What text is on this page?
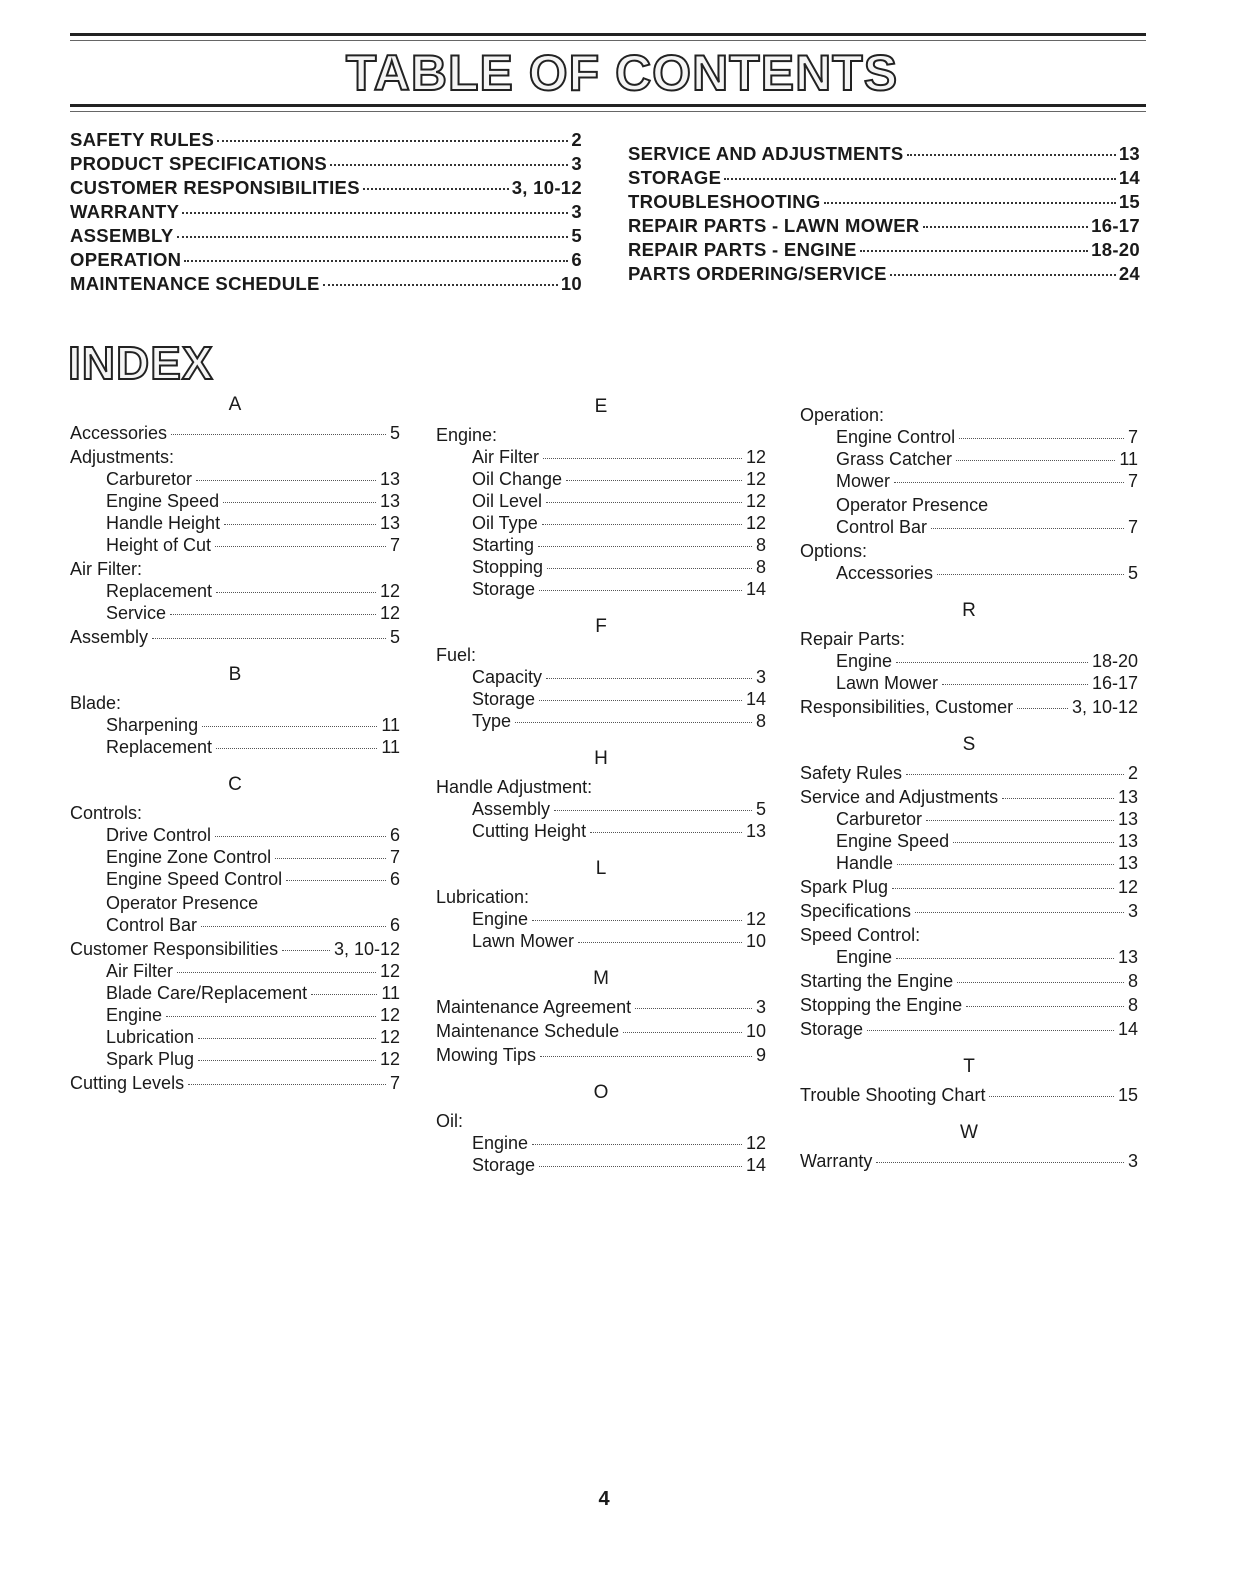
TABLE OF CONTENTS
SAFETY RULES	2
PRODUCT SPECIFICATIONS	3
CUSTOMER RESPONSIBILITIES	3, 10-12
WARRANTY	3
ASSEMBLY	5
OPERATION	6
MAINTENANCE SCHEDULE	10
SERVICE AND ADJUSTMENTS	13
STORAGE	14
TROUBLESHOOTING	15
REPAIR PARTS - LAWN MOWER	16-17
REPAIR PARTS - ENGINE	18-20
PARTS ORDERING/SERVICE	24
INDEX
A
Accessories	5
Adjustments:
Carburetor	13
Engine Speed	13
Handle Height	13
Height of Cut	7
Air Filter:
Replacement	12
Service	12
Assembly	5
B
Blade:
Sharpening	11
Replacement	11
C
Controls:
Drive Control	6
Engine Zone Control	7
Engine Speed Control	6
Operator Presence
Control Bar	6
Customer Responsibilities	3, 10-12
Air Filter	12
Blade Care/Replacement	11
Engine	12
Lubrication	12
Spark Plug	12
Cutting Levels	7
E
Engine:
Air Filter	12
Oil Change	12
Oil Level	12
Oil Type	12
Starting	8
Stopping	8
Storage	14
F
Fuel:
Capacity	3
Storage	14
Type	8
H
Handle Adjustment:
Assembly	5
Cutting Height	13
L
Lubrication:
Engine	12
Lawn Mower	10
M
Maintenance Agreement	3
Maintenance Schedule	10
Mowing Tips	9
O
Oil:
Engine	12
Storage	14
Operation:
Engine Control	7
Grass Catcher	11
Mower	7
Operator Presence
Control Bar	7
Options:
Accessories	5
R
Repair Parts:
Engine	18-20
Lawn Mower	16-17
Responsibilities, Customer	3, 10-12
S
Safety Rules	2
Service and Adjustments	13
Carburetor	13
Engine Speed	13
Handle	13
Spark Plug	12
Specifications	3
Speed Control:
Engine	13
Starting the Engine	8
Stopping the Engine	8
Storage	14
T
Trouble Shooting Chart	15
W
Warranty	3
4
